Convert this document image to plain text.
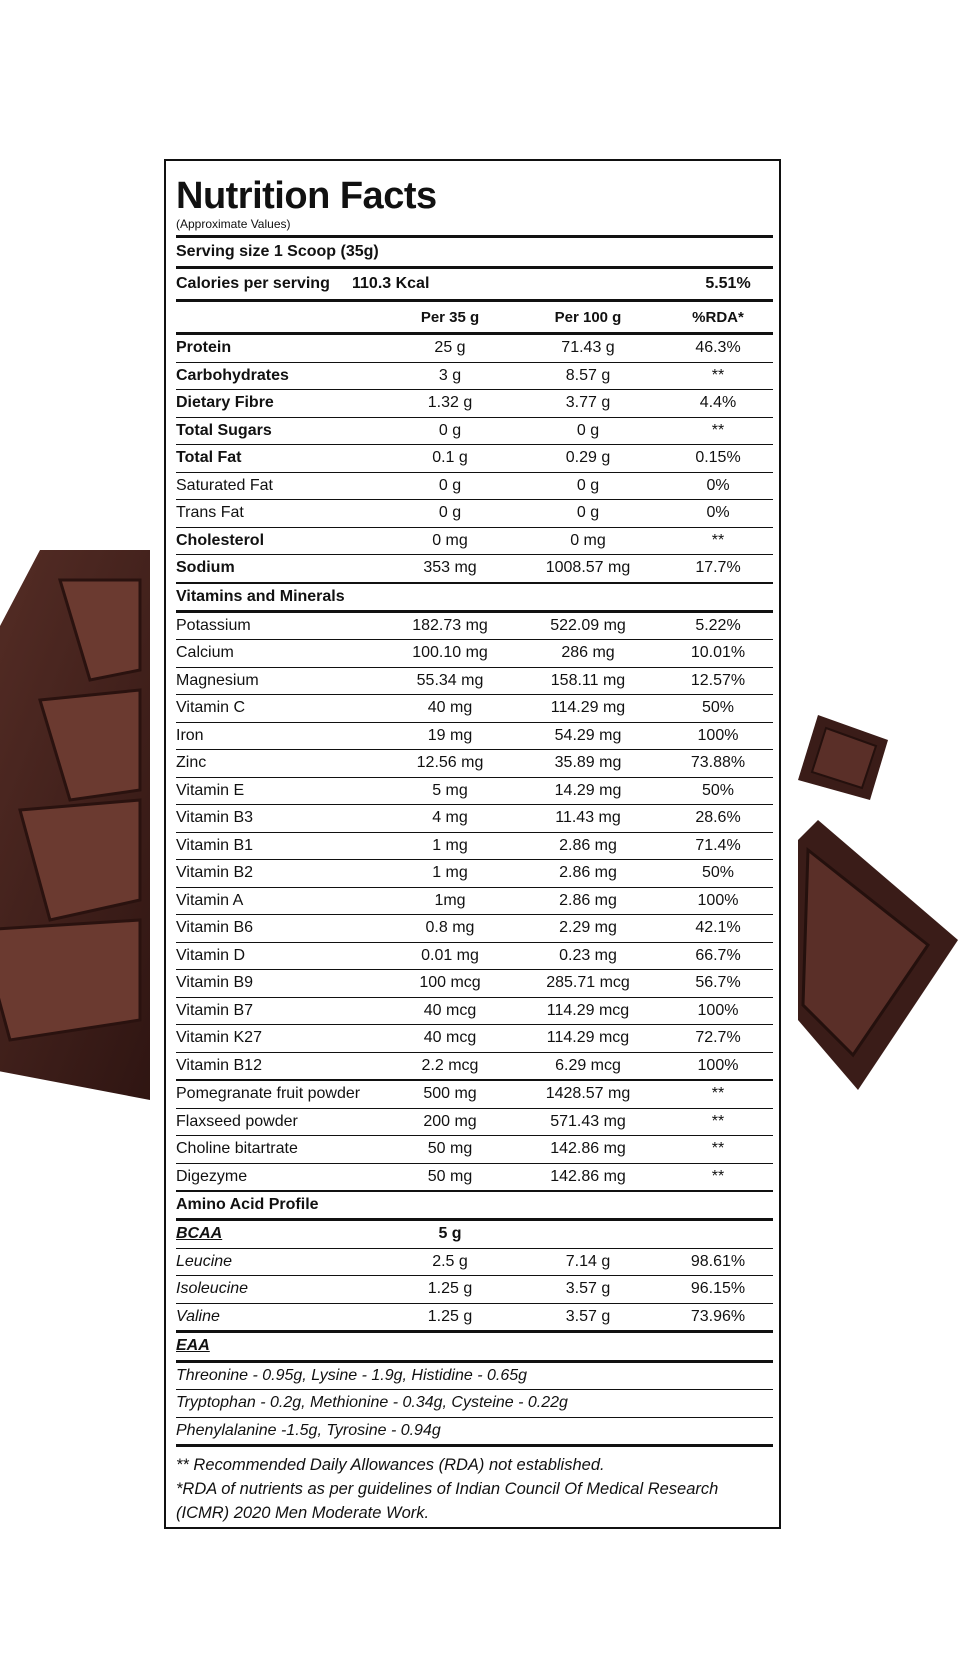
Nutrition Facts
(Approximate Values)
Serving size 1 Scoop (35g)
Calories per serving	110.3 Kcal	5.51%
Per 35 g	Per 100 g	%RDA*
Protein	25 g	71.43 g	46.3%
Carbohydrates	3 g	8.57 g	**
Dietary Fibre	1.32 g	3.77 g	4.4%
Total Sugars	0 g	0 g	**
Total Fat	0.1 g	0.29 g	0.15%
Saturated Fat	0 g	0 g	0%
Trans Fat	0 g	0 g	0%
Cholesterol	0 mg	0 mg	**
Sodium	353 mg	1008.57 mg	17.7%
Vitamins and Minerals
Potassium	182.73 mg	522.09 mg	5.22%
Calcium	100.10 mg	286 mg	10.01%
Magnesium	55.34 mg	158.11 mg	12.57%
Vitamin C	40 mg	114.29 mg	50%
Iron	19 mg	54.29 mg	100%
Zinc	12.56 mg	35.89 mg	73.88%
Vitamin E	5 mg	14.29 mg	50%
Vitamin B3	4 mg	11.43 mg	28.6%
Vitamin B1	1 mg	2.86 mg	71.4%
Vitamin B2	1 mg	2.86 mg	50%
Vitamin A	1mg	2.86 mg	100%
Vitamin B6	0.8 mg	2.29 mg	42.1%
Vitamin D	0.01 mg	0.23 mg	66.7%
Vitamin B9	100 mcg	285.71 mcg	56.7%
Vitamin B7	40 mcg	114.29 mcg	100%
Vitamin K27	40 mcg	114.29 mcg	72.7%
Vitamin B12	2.2 mcg	6.29 mcg	100%
Pomegranate fruit powder	500 mg	1428.57 mg	**
Flaxseed powder	200 mg	571.43 mg	**
Choline bitartrate	50 mg	142.86 mg	**
Digezyme	50 mg	142.86 mg	**
Amino Acid Profile
BCAA	5 g
Leucine	2.5 g	7.14 g	98.61%
Isoleucine	1.25 g	3.57 g	96.15%
Valine	1.25 g	3.57 g	73.96%
EAA
Threonine - 0.95g, Lysine - 1.9g, Histidine - 0.65g
Tryptophan - 0.2g, Methionine - 0.34g, Cysteine - 0.22g
Phenylalanine -1.5g, Tyrosine - 0.94g
** Recommended Daily Allowances (RDA) not established.
*RDA of nutrients as per guidelines of Indian Council Of Medical Research (ICMR) 2020 Men Moderate Work.
